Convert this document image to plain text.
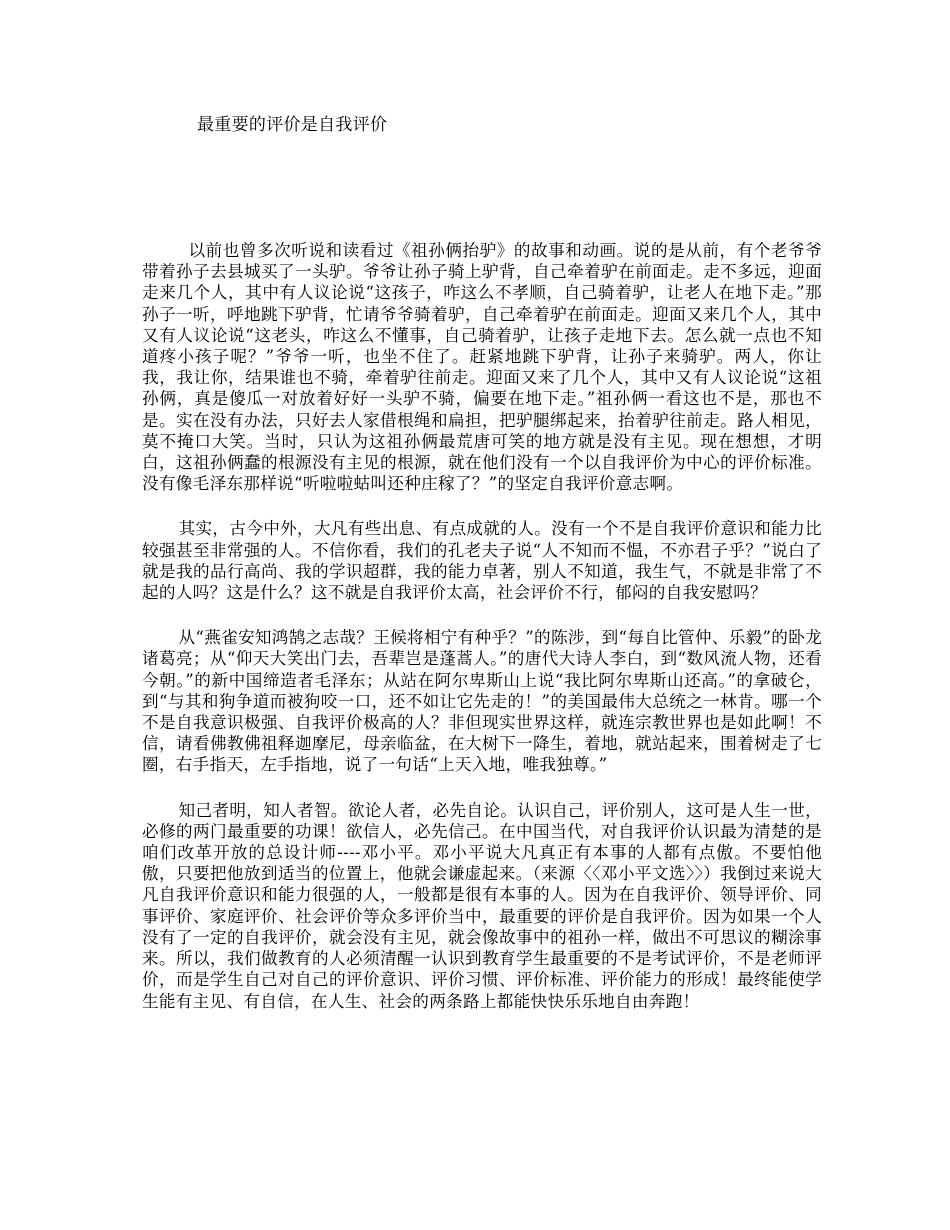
最重要的评价是自我评价

以前也曾多次听说和读看过《祖孙俩抬驴》的故事和动画。说的是从前，有个老爷爷带着孙子去县城买了一头驴。爷爷让孙子骑上驴背，自己牵着驴在前面走。走不多远，迎面走来几个人，其中有人议论说“这孩子，咋这么不孝顺，自己骑着驴，让老人在地下走。”那孙子一听，呼地跳下驴背，忙请爷爷骑着驴，自己牵着驴在前面走。迎面又来几个人，其中又有人议论说“这老头，咋这么不懂事，自己骑着驴，让孩子走地下去。怎么就一点也不知道疼小孩子呢？”爷爷一听，也坐不住了。赶紧地跳下驴背，让孙子来骑驴。两人，你让我，我让你，结果谁也不骑，牵着驴往前走。迎面又来了几个人，其中又有人议论说“这祖孙俩，真是傻瓜一对放着好好一头驴不骑，偏要在地下走。”祖孙俩一看这也不是，那也不是。实在没有办法，只好去人家借根绳和扁担，把驴腿绑起来，抬着驴往前走。路人相见，莫不掩口大笑。当时，只认为这祖孙俩最荒唐可笑的地方就是没有主见。现在想想，才明白，这祖孙俩蠢的根源没有主见的根源，就在他们没有一个以自我评价为中心的评价标准。没有像毛泽东那样说“听啦啦蛄叫还种庄稼了？”的坚定自我评价意志啊。

其实，古今中外，大凡有些出息、有点成就的人。没有一个不是自我评价意识和能力比较强甚至非常强的人。不信你看，我们的孔老夫子说“人不知而不愠，不亦君子乎？”说白了就是我的品行高尚、我的学识超群，我的能力卓著，别人不知道，我生气，不就是非常了不起的人吗？这是什么？这不就是自我评价太高，社会评价不行，郁闷的自我安慰吗？

从“燕雀安知鸿鹄之志哉？王候将相宁有种乎？”的陈涉，到“每自比管仲、乐毅”的卧龙诸葛亮；从“仰天大笑出门去，吾辈岂是蓬蒿人。”的唐代大诗人李白，到“数风流人物，还看今朝。”的新中国缔造者毛泽东；从站在阿尔卑斯山上说“我比阿尔卑斯山还高。”的拿破仑，到“与其和狗争道而被狗咬一口，还不如让它先走的！”的美国最伟大总统之一林肯。哪一个不是自我意识极强、自我评价极高的人？非但现实世界这样，就连宗教世界也是如此啊！不信，请看佛教佛祖释迦摩尼，母亲临盆，在大树下一降生，着地，就站起来，围着树走了七圈，右手指天，左手指地，说了一句话“上天入地，唯我独尊。”

知己者明，知人者智。欲论人者，必先自论。认识自己，评价别人，这可是人生一世，必修的两门最重要的功课！欲信人，必先信己。在中国当代，对自我评价认识最为清楚的是咱们改革开放的总设计师----邓小平。邓小平说大凡真正有本事的人都有点傲。不要怕他傲，只要把他放到适当的位置上，他就会谦虚起来。（来源〈〈邓小平文选〉〉）我倒过来说大凡自我评价意识和能力很强的人，一般都是很有本事的人。因为在自我评价、领导评价、同事评价、家庭评价、社会评价等众多评价当中，最重要的评价是自我评价。因为如果一个人没有了一定的自我评价，就会没有主见，就会像故事中的祖孙一样，做出不可思议的糊涂事来。所以，我们做教育的人必须清醒一认识到教育学生最重要的不是考试评价，不是老师评价，而是学生自己对自己的评价意识、评价习惯、评价标准、评价能力的形成！最终能使学生能有主见、有自信，在人生、社会的两条路上都能快快乐乐地自由奔跑！
